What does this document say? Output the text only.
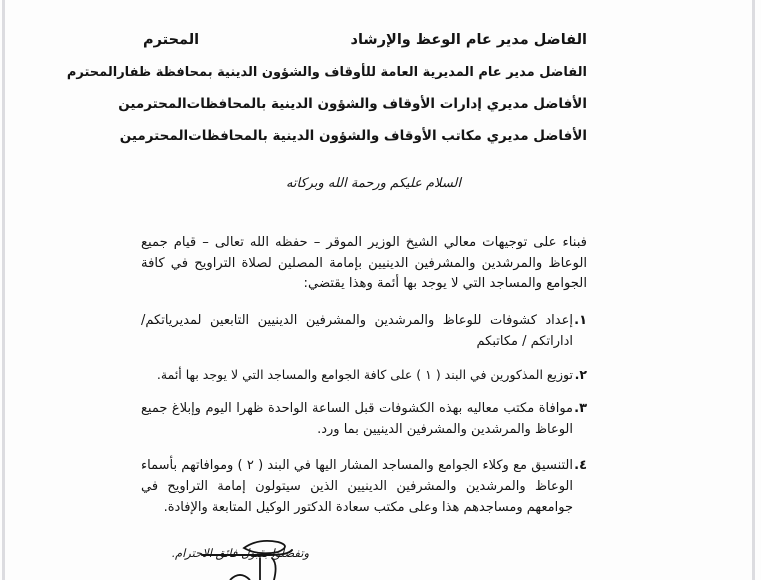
الفاضل مدير عام الوعظ والإرشاد
المحترم
الفاضل مدير عام المديرية العامة للأوقاف والشؤون الدينية بمحافظة ظفار
المحترم
الأفاضل مديري إدارات الأوقاف والشؤون الدينية بالمحافظات
المحترمين
الأفاضل مديري مكاتب الأوقاف والشؤون الدينية بالمحافظات
المحترمين
السلام عليكم ورحمة الله وبركاته
فبناء على توجيهات معالي الشيخ الوزير الموقر – حفظه الله تعالى – قيام جميع الوعاظ والمرشدين والمشرفين الدينيين بإمامة المصلين لصلاة التراويح في كافة الجوامع والمساجد التي لا يوجد بها أئمة وهذا يقتضي:
١.
إعداد كشوفات للوعاظ والمرشدين والمشرفين الدينيين التابعين لمديرياتكم/اداراتكم / مكاتبكم
٢.
توزيع المذكورين في البند ( ١ ) على كافة الجوامع والمساجد التي لا يوجد بها أئمة.
٣.
موافاة مكتب معاليه بهذه الكشوفات قبل الساعة الواحدة ظهرا اليوم وإبلاغ جميع الوعاظ والمرشدين والمشرفين الدينيين بما ورد.
٤.
التنسيق مع وكلاء الجوامع والمساجد المشار اليها في البند ( ٢ ) وموافاتهم بأسماء الوعاظ والمرشدين والمشرفين الدينيين الذين سيتولون إمامة التراويح في جوامعهم ومساجدهم هذا وعلى مكتب سعادة الدكتور الوكيل المتابعة والإفادة.
وتفضلوا بقبول فائق الاحترام.
